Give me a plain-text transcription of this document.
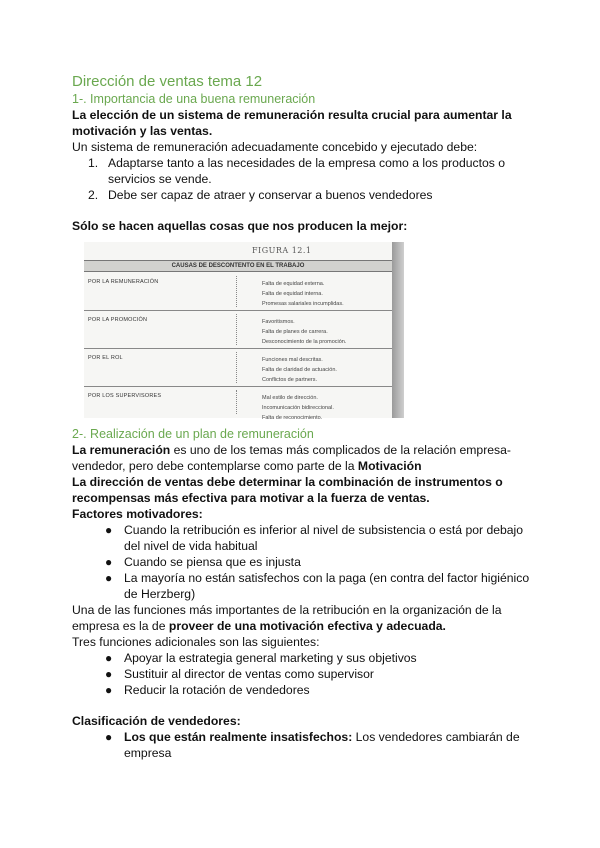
Dirección de ventas tema 12
1-. Importancia de una buena remuneración

La elección de un sistema de remuneración resulta crucial para aumentar la motivación y las ventas.

Un sistema de remuneración adecuadamente concebido y ejecutado debe:

1. Adaptarse tanto a las necesidades de la empresa como a los productos o servicios se vende.
2. Debe ser capaz de atraer y conservar a buenos vendedores

Sólo se hacen aquellas cosas que nos producen la mejor:

FIGURA 12.1
CAUSAS DE DESCONTENTO EN EL TRABAJO
POR LA REMUNERACIÓN	Falta de equidad externa.
Falta de equidad interna.
Promesas salariales incumplidas.
POR LA PROMOCIÓN	Favoritismos.
Falta de planes de carrera.
Desconocimiento de la promoción.
POR EL ROL	Funciones mal descritas.
Falta de claridad de actuación.
Conflictos de partners.
POR LOS SUPERVISORES	Mal estilo de dirección.
Incomunicación bidireccional.
Falta de reconocimiento.
2-. Realización de un plan de remuneración

La remuneración es uno de los temas más complicados de la relación empresa-vendedor, pero debe contemplarse como parte de la Motivación

La dirección de ventas debe determinar la combinación de instrumentos o recompensas más efectiva para motivar a la fuerza de ventas.

Factores motivadores:

● Cuando la retribución es inferior al nivel de subsistencia o está por debajo del nivel de vida habitual
● Cuando se piensa que es injusta
● La mayoría no están satisfechos con la paga (en contra del factor higiénico de Herzberg)

Una de las funciones más importantes de la retribución en la organización de la empresa es la de proveer de una motivación efectiva y adecuada.

Tres funciones adicionales son las siguientes:

● Apoyar la estrategia general marketing y sus objetivos
● Sustituir al director de ventas como supervisor
● Reducir la rotación de vendedores

Clasificación de vendedores:

● Los que están realmente insatisfechos: Los vendedores cambiarán de empresa
